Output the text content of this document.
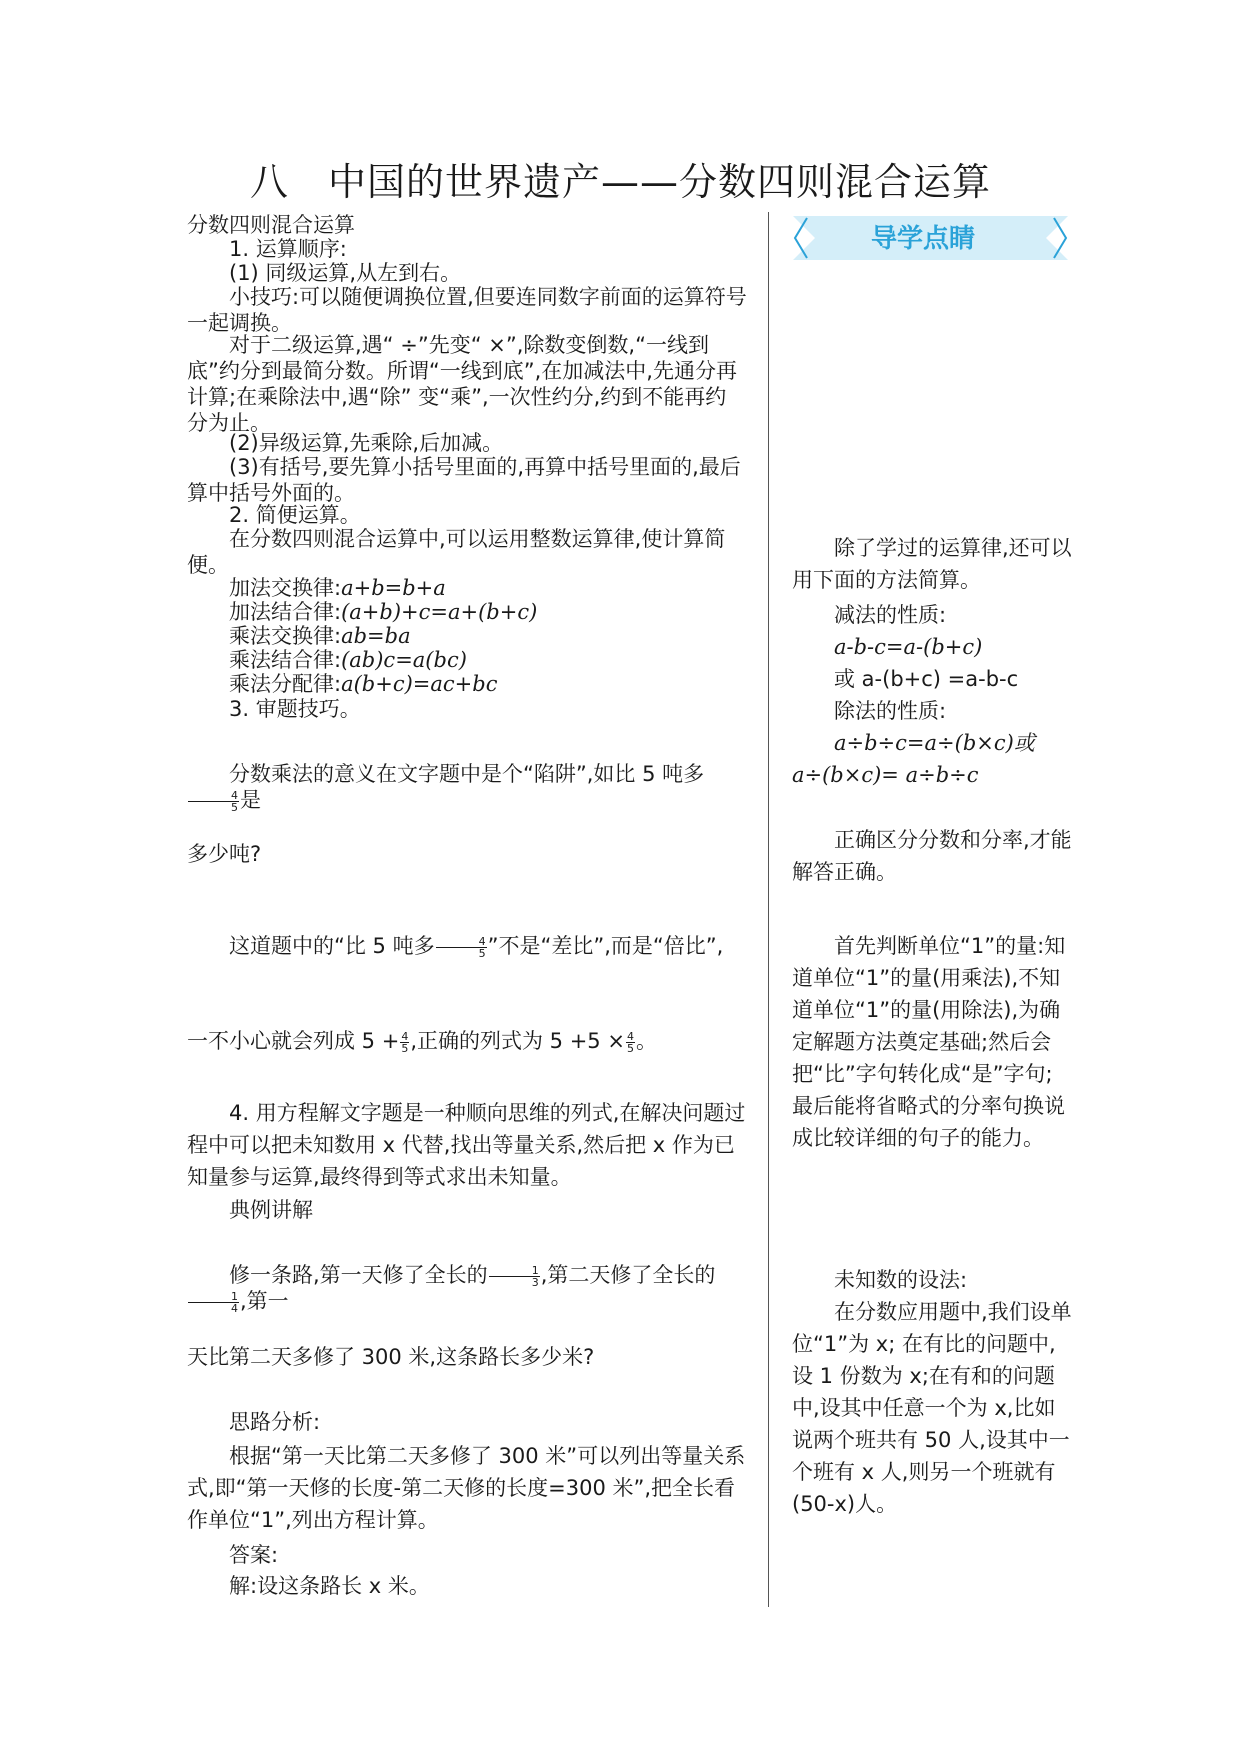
八　中国的世界遗产——分数四则混合运算

分数四则混合运算

1. 运算顺序:

(1) 同级运算,从左到右。

小技巧:可以随便调换位置,但要连同数字前面的运算符号一起调换。

对于二级运算,遇“ ÷”先变“ ×”,除数变倒数,“一线到底”约分到最简分数。所谓“一线到底”,在加减法中,先通分再计算;在乘除法中,遇“除” 变“乘”,一次性约分,约到不能再约分为止。

(2)异级运算,先乘除,后加减。

(3)有括号,要先算小括号里面的,再算中括号里面的,最后算中括号外面的。

2. 简便运算。

在分数四则混合运算中,可以运用整数运算律,使计算简便。

加法交换律:a+b=b+a

加法结合律:(a+b)+c=a+(b+c)

乘法交换律:ab=ba

乘法结合律:(ab)c=a(bc)

乘法分配律:a(b+c)=ac+bc

3. 审题技巧。

分数乘法的意义在文字题中是个“陷阱”,如比 5 吨多
$\frac{4}{5}$ 是

多少吨?

这道题中的“比 5 吨多 $\frac{4}{5}$ ”不是“差比”,而是“倍比”,

一不小心就会列成 $5 + \frac{4}{5}$ ,正确的列式为 $5 +5 \times \frac{4}{5}$ 。

4. 用方程解文字题是一种顺向思维的列式,在解决问题过程中可以把未知数用 x 代替,找出等量关系,然后把 x 作为已知量参与运算,最终得到等式求出未知量。

典例讲解

修一条路,第一天修了全长的 $\frac{1}{3}$ ,第二天修了全长的
$\frac{1}{4}$ ,第一

天比第二天多修了 300 米,这条路长多少米?

思路分析:

根据“第一天比第二天多修了 300 米”可以列出等量关系式,即“第一天修的长度-第二天修的长度=300 米”,把全长看作单位“1”,列出方程计算。

答案:

解:设这条路长 x 米。

导学点睛

除了学过的运算律,还可以用下面的方法简算。

减法的性质:

a-b-c=a-(b+c)

或 a-(b+c) =a-b-c

除法的性质:

a÷b÷c=a÷(b×c)或

a÷(b×c)= a÷b÷c

正确区分分数和分率,才能解答正确。

首先判断单位“1”的量:知道单位“1”的量(用乘法),不知道单位“1”的量(用除法),为确定解题方法奠定基础;然后会把“比”字句转化成“是”字句;最后能将省略式的分率句换说成比较详细的句子的能力。

未知数的设法:

在分数应用题中,我们设单位“1”为 x; 在有比的问题中,设 1 份数为 x;在有和的问题中,设其中任意一个为 x,比如说两个班共有 50 人,设其中一个班有 x 人,则另一个班就有(50-x)人。
